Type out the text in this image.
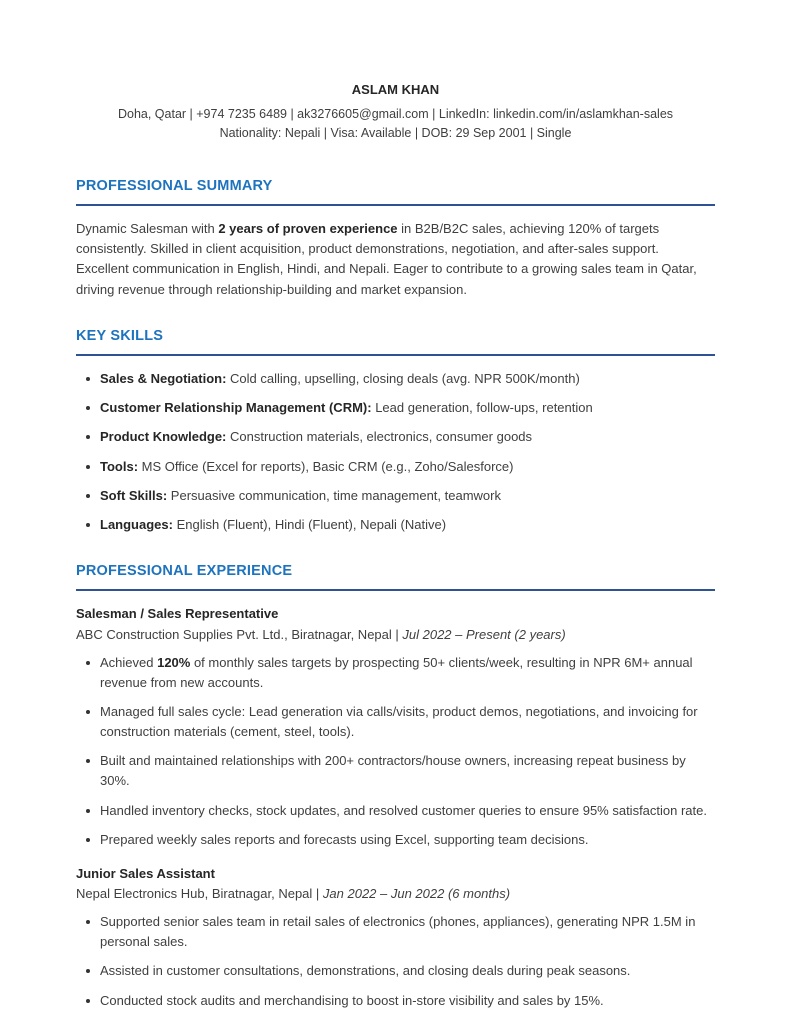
ASLAM KHAN
Doha, Qatar | +974 7235 6489 | ak3276605@gmail.com | LinkedIn: linkedin.com/in/aslamkhan-sales
Nationality: Nepali | Visa: Available | DOB: 29 Sep 2001 | Single
PROFESSIONAL SUMMARY

Dynamic Salesman with 2 years of proven experience in B2B/B2C sales, achieving 120% of targets consistently. Skilled in client acquisition, product demonstrations, negotiation, and after-sales support. Excellent communication in English, Hindi, and Nepali. Eager to contribute to a growing sales team in Qatar, driving revenue through relationship-building and market expansion.

KEY SKILLS
Sales & Negotiation: Cold calling, upselling, closing deals (avg. NPR 500K/month)
Customer Relationship Management (CRM): Lead generation, follow-ups, retention
Product Knowledge: Construction materials, electronics, consumer goods
Tools: MS Office (Excel for reports), Basic CRM (e.g., Zoho/Salesforce)
Soft Skills: Persuasive communication, time management, teamwork
Languages: English (Fluent), Hindi (Fluent), Nepali (Native)
PROFESSIONAL EXPERIENCE
Salesman / Sales Representative
ABC Construction Supplies Pvt. Ltd., Biratnagar, Nepal | Jul 2022 – Present (2 years)
Achieved 120% of monthly sales targets by prospecting 50+ clients/week, resulting in NPR 6M+ annual revenue from new accounts.
Managed full sales cycle: Lead generation via calls/visits, product demos, negotiations, and invoicing for construction materials (cement, steel, tools).
Built and maintained relationships with 200+ contractors/house owners, increasing repeat business by 30%.
Handled inventory checks, stock updates, and resolved customer queries to ensure 95% satisfaction rate.
Prepared weekly sales reports and forecasts using Excel, supporting team decisions.
Junior Sales Assistant
Nepal Electronics Hub, Biratnagar, Nepal | Jan 2022 – Jun 2022 (6 months)
Supported senior sales team in retail sales of electronics (phones, appliances), generating NPR 1.5M in personal sales.
Assisted in customer consultations, demonstrations, and closing deals during peak seasons.
Conducted stock audits and merchandising to boost in-store visibility and sales by 15%.
